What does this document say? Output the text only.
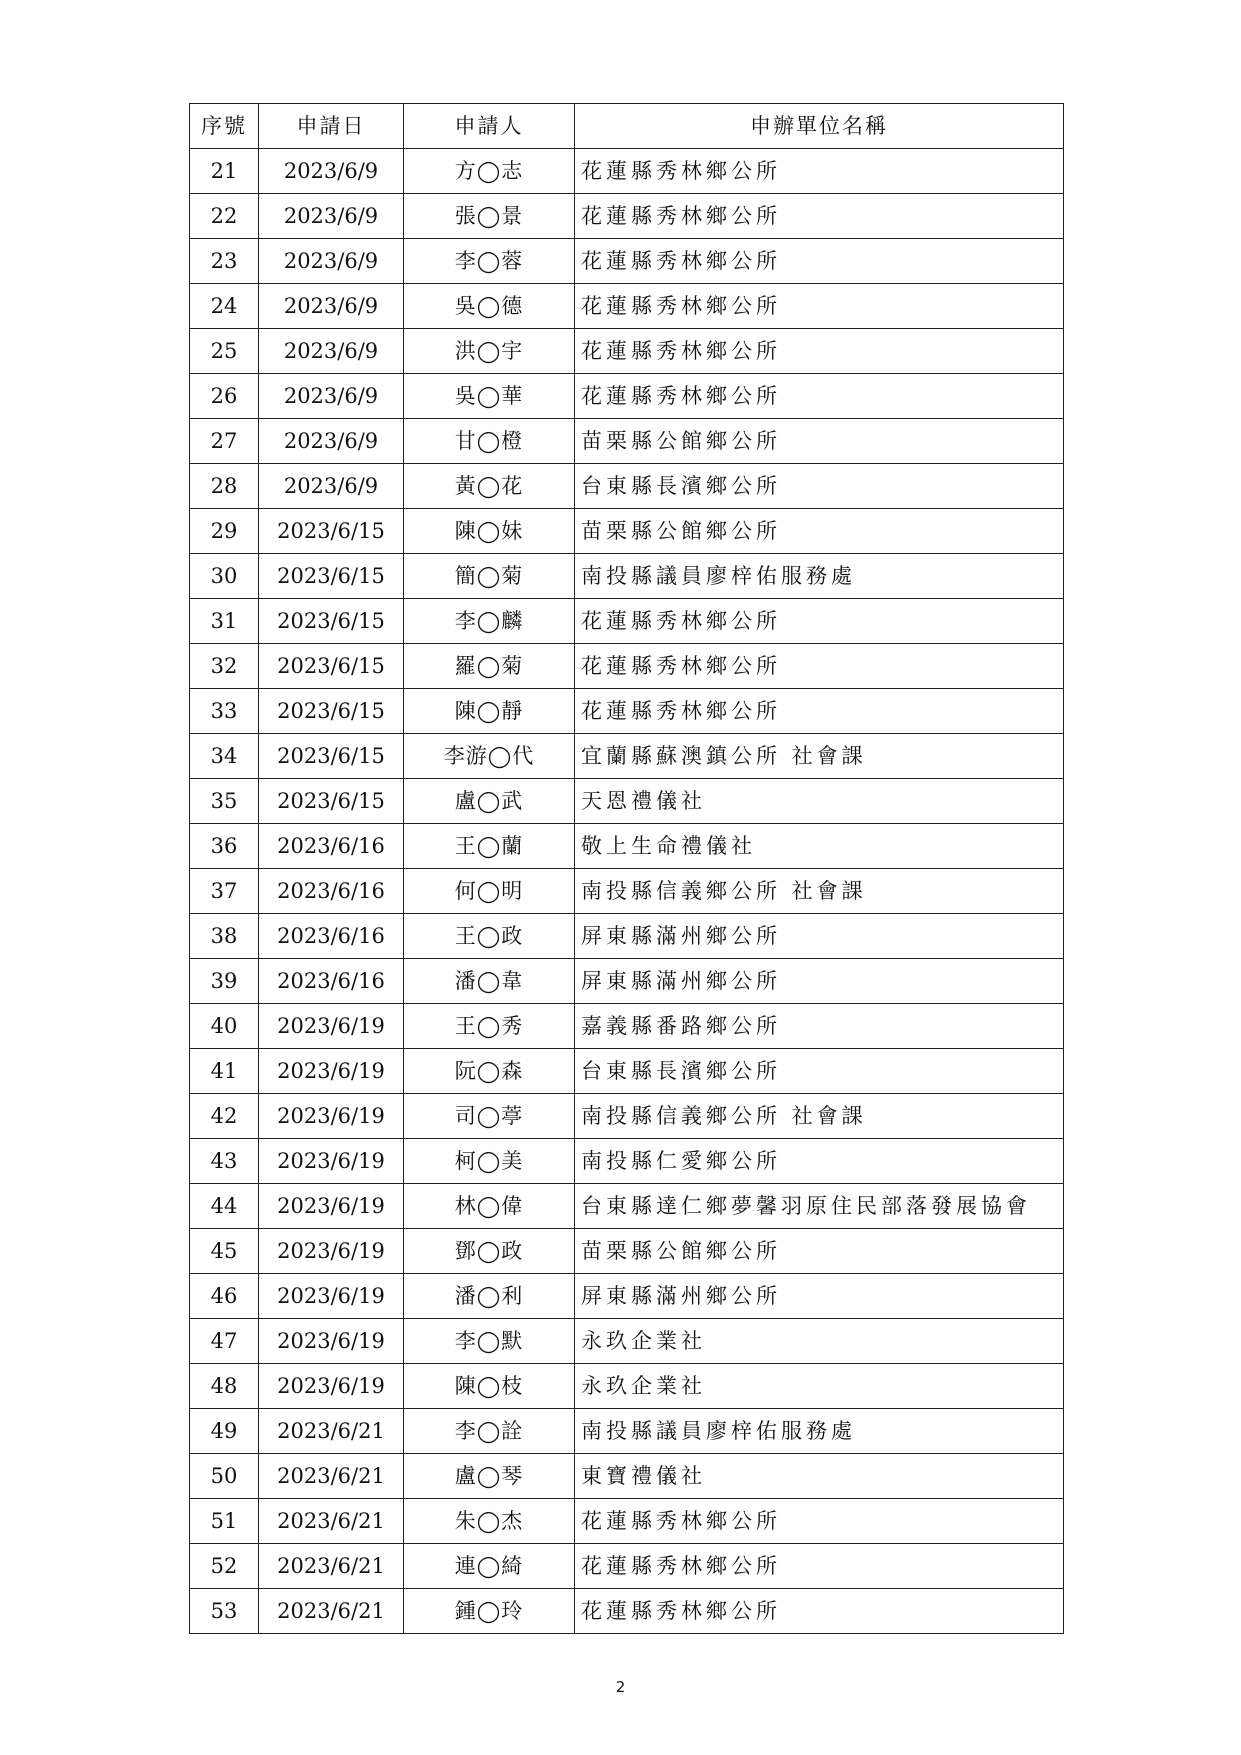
序號	申請日	申請人	申辦單位名稱
21	2023/6/9	方◯志	花蓮縣秀林鄉公所
22	2023/6/9	張◯景	花蓮縣秀林鄉公所
23	2023/6/9	李◯蓉	花蓮縣秀林鄉公所
24	2023/6/9	吳◯德	花蓮縣秀林鄉公所
25	2023/6/9	洪◯宇	花蓮縣秀林鄉公所
26	2023/6/9	吳◯華	花蓮縣秀林鄉公所
27	2023/6/9	甘◯橙	苗栗縣公館鄉公所
28	2023/6/9	黃◯花	台東縣長濱鄉公所
29	2023/6/15	陳◯妹	苗栗縣公館鄉公所
30	2023/6/15	簡◯菊	南投縣議員廖梓佑服務處
31	2023/6/15	李◯麟	花蓮縣秀林鄉公所
32	2023/6/15	羅◯菊	花蓮縣秀林鄉公所
33	2023/6/15	陳◯靜	花蓮縣秀林鄉公所
34	2023/6/15	李游◯代	宜蘭縣蘇澳鎮公所 社會課
35	2023/6/15	盧◯武	天恩禮儀社
36	2023/6/16	王◯蘭	敬上生命禮儀社
37	2023/6/16	何◯明	南投縣信義鄉公所 社會課
38	2023/6/16	王◯政	屏東縣滿州鄉公所
39	2023/6/16	潘◯韋	屏東縣滿州鄉公所
40	2023/6/19	王◯秀	嘉義縣番路鄉公所
41	2023/6/19	阮◯森	台東縣長濱鄉公所
42	2023/6/19	司◯葶	南投縣信義鄉公所 社會課
43	2023/6/19	柯◯美	南投縣仁愛鄉公所
44	2023/6/19	林◯偉	台東縣達仁鄉夢馨羽原住民部落發展協會
45	2023/6/19	鄧◯政	苗栗縣公館鄉公所
46	2023/6/19	潘◯利	屏東縣滿州鄉公所
47	2023/6/19	李◯默	永玖企業社
48	2023/6/19	陳◯枝	永玖企業社
49	2023/6/21	李◯詮	南投縣議員廖梓佑服務處
50	2023/6/21	盧◯琴	東寶禮儀社
51	2023/6/21	朱◯杰	花蓮縣秀林鄉公所
52	2023/6/21	連◯綺	花蓮縣秀林鄉公所
53	2023/6/21	鍾◯玲	花蓮縣秀林鄉公所
2
